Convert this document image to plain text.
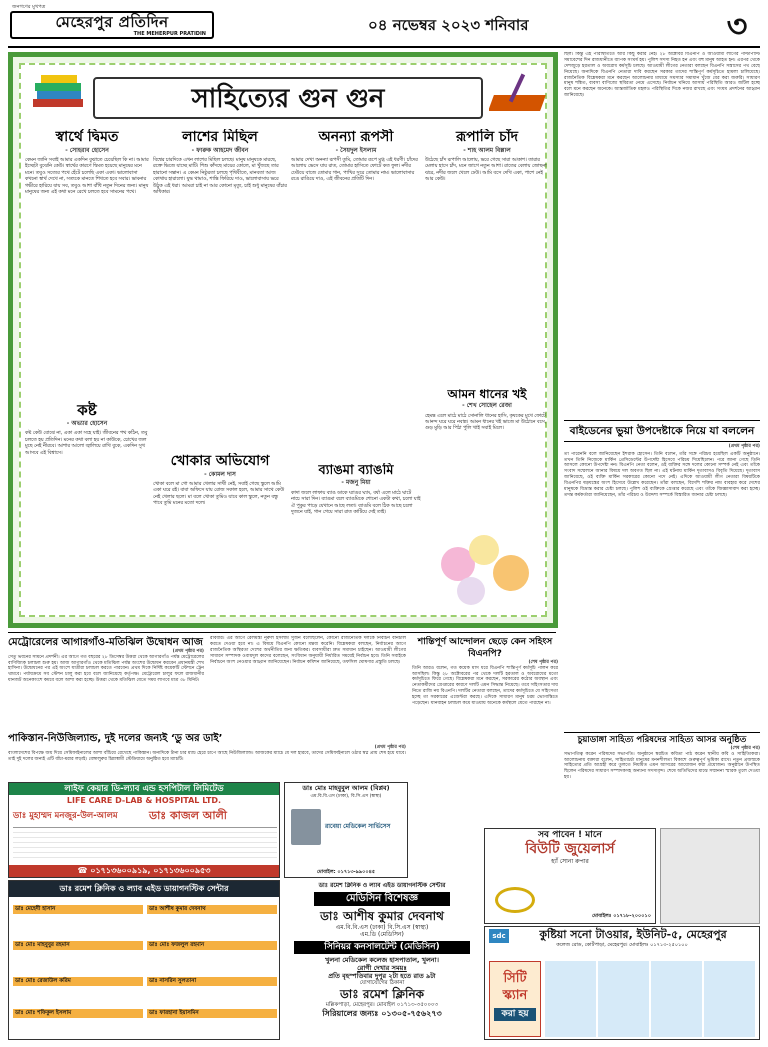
জনগণের মুখপত্র
মেহেরপুর প্রতিদিন
THE MEHERPUR PRATIDIN	০৪ নভেম্বর ২০২৩ শনিবার	৩
সাহিত্যের গুন গুন
স্বার্থে দ্বিমত
- সোহরাব হোসেন
কেমন জানি সবাই আমার একদিন বুঝাতে চেয়েছিল কি না। আমার ইচ্ছেটা বুঝেনি কেউ। স্বার্থের কারণে দ্বিমত হয়েছে মানুষের মনে মনে। তবুও সত্যের পথে হেঁটে চলেছি একা একা। ভালোবাসা কখনো স্বার্থ দেখে না, সত্যকে মানতে শিখতে হবে সবার। ভাবনার গভীরে হারিয়ে যায় সব, তবুও আশা বাঁধি নতুন দিনের জন্য। মানুষ মানুষের জন্য এই কথা মনে রেখে চলতে হবে সামনের পথে।
কষ্ট
- অভ্যার হোসেন
কষ্ট কেউ বোঝে না, একা একা সহে যাই। জীবনের পথ কঠিন, তবু চলতে হয় প্রতিদিন। মনের কথা বলা হয় না কাউকে, চোখের জল মুছে নেই নীরবে। আশার আলো জ্বালিয়ে রাখি বুকে, একদিন সুখ আসবে এই বিশ্বাসে।
লাশের মিছিল
- ফারুক আহমেদ জীবন
বিশ্বের চারদিকে এখন লাশের মিছিল চলছে। মানুষ মানুষকে মারছে, রক্তে ভিজে যাচ্ছে মাটি। শিশু কাঁদছে মায়ের কোলে, মা খুঁজছে তার হারানো সন্তান। এ কেমন নিষ্ঠুরতা চলছে পৃথিবীতে, মানবতা আজ কোথায় হারালো। যুদ্ধ থামাও, শান্তি ফিরিয়ে দাও, ভালোবাসায় ভরে উঠুক এই ধরা। আমরা চাই না আর কোনো মৃত্যু, চাই শুধু মানুষের বাঁচার অধিকার।
খোকার অভিযোগ
- কোমল দাস
খোকা বলে মা গো আমার খেলার সাথী নেই, সবাই গেছে স্কুলে আমি একা ঘরে রই। বাবা অফিসে যায় রোজ সকাল হলে, আমার সাথে কেউ নেই খেলার ছলে। মা বলে খোকা তুমিও যাবে কাল স্কুলে, নতুন বন্ধু পাবে তুমি মনের মতো দলে।
অনন্যা রূপসী
- সৈয়দুল ইসলাম
আমার দেখা অনন্যা রূপসী তুমি, তোমার রূপে মুগ্ধ এই ধরণী। চাঁদের আলোয় ভেসে যায় রাত, তোমার হাসিতে ফোটে কত ফুল। নদীর ঢেউয়ে বাজে তোমার গান, পাখির সুরে তোমার নাম। ভালোবাসার রঙে রাঙিয়ে দাও, এই জীবনের প্রতিটি দিন।
ব্যাঙমা ব্যাঙমি
- মজনু মিয়া
কাদা জলে লাফায় ব্যাঙ ডাকে ঘ্যাঙর ঘ্যাং, বর্ষা এলে মাঠে ঘাটে নাচে সারা দিন। ব্যাঙমা বলে ব্যাঙমিকে শোনো একটা কথা, চলো যাই ঐ পুকুর পাড়ে যেখানে আছে লতা। ব্যাঙমি বলে ঠিক আছে চলো দুজনে যাই, গান গেয়ে সারা রাত কাটিয়ে দেই তাই।
রূপালি চাঁদ
- শাহ আলম বিল্লাল
উঠেছে চাঁদ রূপালি আলোয়, ভরে গেছে সারা আকাশ। তারার মেলায় হাসে চাঁদ, মনে জাগে নতুন আশা। রাতের বেলায় জোছনা ঝরে, নদীর জলে খেলে ঢেউ। আমি বসে দেখি একা, পাশে নেই আর কেউ।
আমন ধানের খই
- শেখ সোহেল রেজা
হেমন্ত এলে মাঠে মাঠে সোনালি ধানের হাসি, কৃষকের মুখে ফোটে আনন্দ ঘরে ঘরে নবান্ন। আমন ধানের খই ভাজে মা উঠোনে বসে, গুড় মুড়ি আর পিঠা পুলি খাই সবাই মিলে।
ছিল। কিন্তু এই পরিস্থিতিতে আর কিছু করার নেই। ২৮ অক্টোবর বিএনপি ও আওয়ামী লীগের পাল্টাপাল্টি সমাবেশের দিন রাজধানীতে ব্যাপক সংঘর্ষ হয়। পুলিশ সদস্য নিহত হন এবং বহু মানুষ আহত হন। এরপর থেকে দেশজুড়ে হরতাল ও অবরোধ কর্মসূচি চলছে। আওয়ামী লীগের নেতারা বলছেন বিএনপি সন্ত্রাসের পথ বেছে নিয়েছে। অন্যদিকে বিএনপি নেতারা দাবি করছেন সরকার তাদের শান্তিপূর্ণ কর্মসূচিতে হামলা চালিয়েছে। রাজনৈতিক বিশ্লেষকরা মনে করছেন আলোচনার মাধ্যমে সমস্যার সমাধান খুঁজে বের করা জরুরি। সাধারণ মানুষ শঙ্কিত, ব্যবসা বাণিজ্যে স্থবিরতা নেমে এসেছে। নির্বাচন ঘনিয়ে আসায় পরিস্থিতি আরও জটিল হচ্ছে বলে মনে করছেন অনেকে। আন্তর্জাতিক মহলও পরিস্থিতির দিকে নজর রাখছে এবং সংযম প্রদর্শনের আহ্বান জানিয়েছে।
বাইডেনের ভুয়া উপদেষ্টাকে নিয়ে যা বললেন
(প্রথম পৃষ্ঠার পর)
তা পারেননি বলে জানিয়েছেন ইশরাক হোসেন। তিনি বলেন, তাঁর সঙ্গে পরিচয় হয়েছিল একটি অনুষ্ঠানে। তখন তিনি নিজেকে মার্কিন প্রেসিডেন্টের উপদেষ্টা হিসেবে পরিচয় দিয়েছিলেন। পরে জানা গেছে তিনি আসলে কোনো উপদেষ্টা নন। বিএনপি নেতা বলেন, ওই ব্যক্তির সঙ্গে দলের কোনো সম্পর্ক নেই এবং তাঁকে সংবাদ সম্মেলনে আনার বিষয়ে দল অবগত ছিল না। এই ঘটনায় মার্কিন দূতাবাসও বিবৃতি দিয়েছে। দূতাবাস জানিয়েছে, ওই ব্যক্তি মার্কিন সরকারের কোনো পদে নেই। এদিকে আওয়ামী লীগ নেতারা বিষয়টিকে বিএনপির ষড়যন্ত্রের অংশ হিসেবে উল্লেখ করেছেন। তাঁরা বলছেন, বিদেশি শক্তির নাম ব্যবহার করে দেশের মানুষকে বিভ্রান্ত করার চেষ্টা চলছে। পুলিশ ওই ব্যক্তিকে গ্রেপ্তার করেছে এবং তাঁকে জিজ্ঞাসাবাদ করা হচ্ছে। তদন্ত কর্মকর্তারা জানিয়েছেন, তাঁর পরিচয় ও উদ্দেশ্য সম্পর্কে বিস্তারিত জানার চেষ্টা চলছে।
মেট্রোরেলের আগারগাঁও-মতিঝিল উদ্বোধন আজ
(প্রথম পৃষ্ঠার পর)
সেতু ভবনের সামনে প্রদর্শনী। এর আগে গত বছরের ২৮ ডিসেম্বর উত্তরা থেকে আগারগাঁও পর্যন্ত মেট্রোরেলের বাণিজ্যিক চলাচল শুরু হয়। আজ আগারগাঁও থেকে মতিঝিল পর্যন্ত অংশের উদ্বোধন করবেন প্রধানমন্ত্রী শেখ হাসিনা। উদ্বোধনের পর এই অংশে যাত্রীরা চলাচল করতে পারবেন। প্রথম দিকে নির্দিষ্ট কয়েকটি স্টেশনে ট্রেন থামবে। পর্যায়ক্রমে সব স্টেশন চালু করা হবে বলে জানিয়েছে কর্তৃপক্ষ। মেট্রোরেল চালুর ফলে রাজধানীর যানজট অনেকাংশে কমবে বলে আশা করা হচ্ছে। উত্তরা থেকে মতিঝিল যেতে সময় লাগবে মাত্র ৩৮ মিনিট।
রবিবার। এর আগে রেলমন্ত্রী নূরুল ইসলাম সুজন বলেছিলেন, কোনো রাজনৈতিক দলকে নির্বাচন বানচাল করতে দেওয়া হবে না। এ বিষয়ে বিএনপি কোনো মন্তব্য করেনি। বিশ্লেষকরা বলছেন, নির্বাচনের আগে রাজনৈতিক অস্থিরতা দেশের অর্থনীতির জন্য ক্ষতিকর। ব্যবসায়ীরা দ্রুত সমাধান চাইছেন। আওয়ামী লীগের সাধারণ সম্পাদক ওবায়দুল কাদের বলেছেন, সংবিধান অনুযায়ী নির্ধারিত সময়েই নির্বাচন হবে। তিনি সবাইকে নির্বাচনে অংশ নেওয়ার আহ্বান জানিয়েছেন। নির্বাচন কমিশন জানিয়েছে, তফসিল ঘোষণার প্রস্তুতি চলছে।
শান্তিপূর্ণ আন্দোলন ছেড়ে কেন সহিংস বিএনপি?
(শেষ পৃষ্ঠার পর)
তিনি আরও বলেন, গত কয়েক মাস ধরে বিএনপি শান্তিপূর্ণ কর্মসূচি পালন করে আসছিল। কিন্তু ২৮ অক্টোবরের পর থেকে দলটি হরতাল ও অবরোধের মতো কর্মসূচিতে ফিরে গেছে। বিশ্লেষকরা মনে করছেন, সরকারের কঠোর অবস্থান এবং নেতাকর্মীদের গ্রেপ্তারের কারণে দলটি এমন সিদ্ধান্ত নিয়েছে। তবে সহিংসতার দায় নিতে রাজি নয় বিএনপি। দলটির নেতারা বলছেন, তাদের কর্মসূচিতে যে সহিংসতা হচ্ছে তা সরকারের এজেন্টরা করছে। এদিকে সাধারণ মানুষ চরম ভোগান্তিতে পড়েছেন। যানবাহন চলাচল কমে যাওয়ায় অনেকে কর্মস্থলে যেতে পারছেন না।
পাকিস্তান-নিউজিল্যান্ড, দুই দলের জন্যই ‘ডু অর ডাই’
(প্রথম পৃষ্ঠার পর)
বাংলাদেশের বিপক্ষে জয় দিয়ে সেমিফাইনালের আশা বাঁচিয়ে রেখেছে পাকিস্তান। অন্যদিকে টানা চার ম্যাচ হেরে চাপে আছে নিউজিল্যান্ড। আজকের ম্যাচে যে দল হারবে, তাদের সেমিফাইনালে ওঠার স্বপ্ন প্রায় শেষ হয়ে যাবে। তাই দুই দলের জন্যই এটি বাঁচা-মরার লড়াই। বেঙ্গালুরুর চিন্নাস্বামী স্টেডিয়ামে অনুষ্ঠিত হবে ম্যাচটি।
চুয়াডাঙ্গা সাহিত্য পরিষদের সাহিত্য আসর অনুষ্ঠিত
(শেষ পৃষ্ঠার পর)
সভাপতিত্ব করেন পরিষদের সভাপতি। অনুষ্ঠানে স্বরচিত কবিতা পাঠ করেন স্থানীয় কবি ও সাহিত্যিকরা। আলোচনায় বক্তারা বলেন, সাহিত্যচর্চা মানুষের মননশীলতা বিকাশে গুরুত্বপূর্ণ ভূমিকা রাখে। নতুন প্রজন্মকে সাহিত্যের প্রতি আগ্রহী করে তুলতে নিয়মিত এমন আসরের আয়োজন করা প্রয়োজন। অনুষ্ঠানে উপস্থিত ছিলেন পরিষদের সাধারণ সম্পাদকসহ অন্যান্য সদস্যবৃন্দ। শেষে অতিথিদের মাঝে সম্মাননা স্মারক তুলে দেওয়া হয়।
লাইফ কেয়ার ডি-ল্যাব এন্ড হসপিটাল লিমিটেড
LIFE CARE D-LAB & HOSPITAL LTD.
ডাঃ মুহাম্মদ মনজুর-উল-আলম	ডাঃ কাজল আলী
☎ ০১৭১৩৬০০৯১৯, ০১৭১৩৬০০৯৫৩
ডাঃ রমেশ ক্লিনিক ও ল্যাব এইড ডায়াগনস্টিক সেন্টার
ডাঃ মেহেদী হাসান	ডাঃ আশীষ কুমার দেবনাথ
ডাঃ মোঃ মাহবুবুর রহমান	ডাঃ মোঃ ফজলুল রহমান
ডাঃ মোঃ রেজাউল করিম	ডাঃ নাসরিন সুলতানা
ডাঃ মোঃ শফিকুল ইসলাম	ডাঃ ফারহানা ইয়াসমিন
ডাঃ মোঃ মাহবুবুল আলম (বিপ্লব)
এম.বি.বি.এস (ঢাকা), বি.সি.এস (স্বাস্থ্য)
রাবেয়া মেডিকেল সার্ভিসেস
মোবাইল: ০১৭১৩-৯৯০০৪৫
ডাঃ রমেশ ক্লিনিক ও ল্যাব এইড ডায়াগনস্টিক সেন্টার
মেডিসিন বিশেষজ্ঞ
ডাঃ আশীষ কুমার দেবনাথ
এম.বি.বি.এস (ঢাকা) বি.সি.এস (স্বাস্থ্য)
এম.ডি (মেডিসিন)
সিনিয়র কনসালটেন্ট (মেডিসিন)
খুলনা মেডিকেল কলেজ হাসপাতাল, খুলনা।
রোগী দেখার সময়ঃ
প্রতি বৃহস্পতিবার দুপুর ২টা হতে রাত ৯টা
যোগাযোগের ঠিকানা
ডাঃ রমেশ ক্লিনিক
মল্লিকপাড়া, মেহেরপুর। মোবাইল ০১৭১৩-৩৫০০০৩
সিরিয়ালের জন্যঃ ০১৩০৫-৭৫৬২৭৩
সব পাবেন ! মানে
বিউটি জুয়েলার্স
হ্যাঁ সোনা রুপার
মোবাইলঃ ০১৭১৮-২০০০১০
কুষ্টিয়া সনো টাওয়ার, ইউনিট-৫, মেহেরপুর
sdc
কলেজ রোড, কোর্টপাড়া, মেহেরপুর। মোবাইলঃ ০১৭১৩-২৫০১০০
সিটি স্ক্যান
করা হয়
